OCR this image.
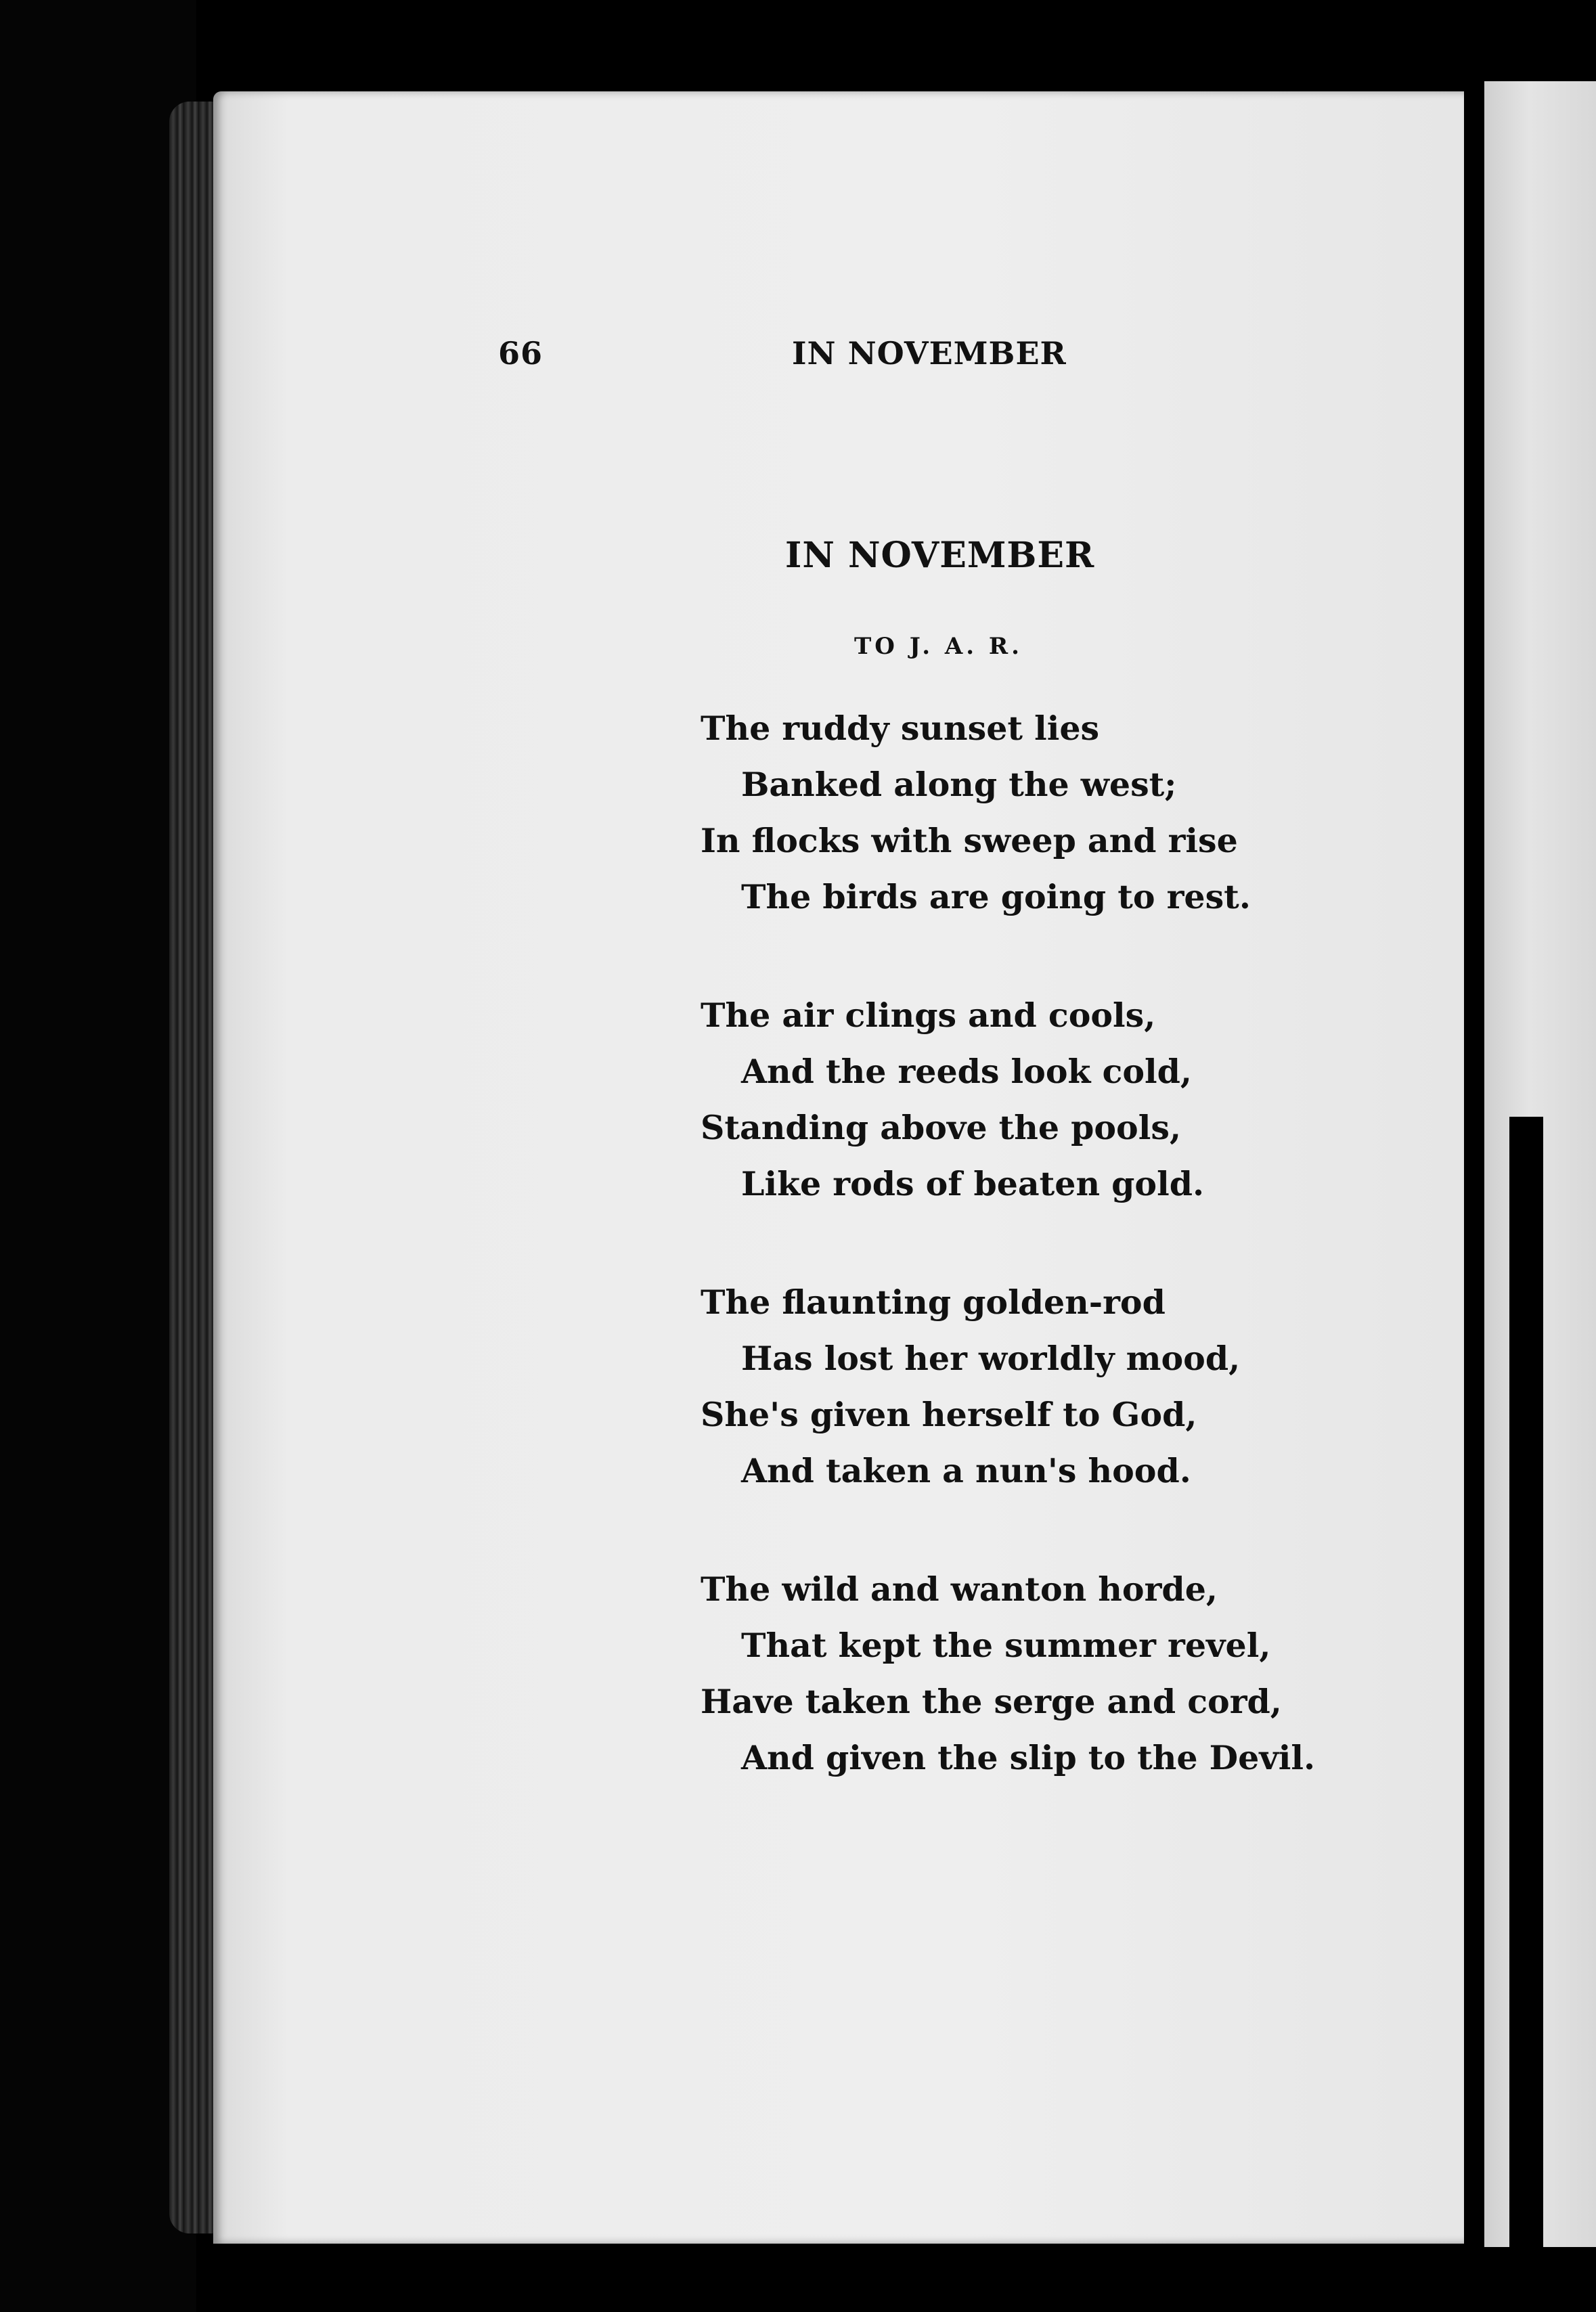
66	IN NOVEMBER
IN NOVEMBER
TO J. A. R.
The ruddy sunset lies
Banked along the west;
In flocks with sweep and rise
The birds are going to rest.
The air clings and cools,
And the reeds look cold,
Standing above the pools,
Like rods of beaten gold.
The flaunting golden-rod
Has lost her worldly mood,
She's given herself to God,
And taken a nun's hood.
The wild and wanton horde,
That kept the summer revel,
Have taken the serge and cord,
And given the slip to the Devil.
